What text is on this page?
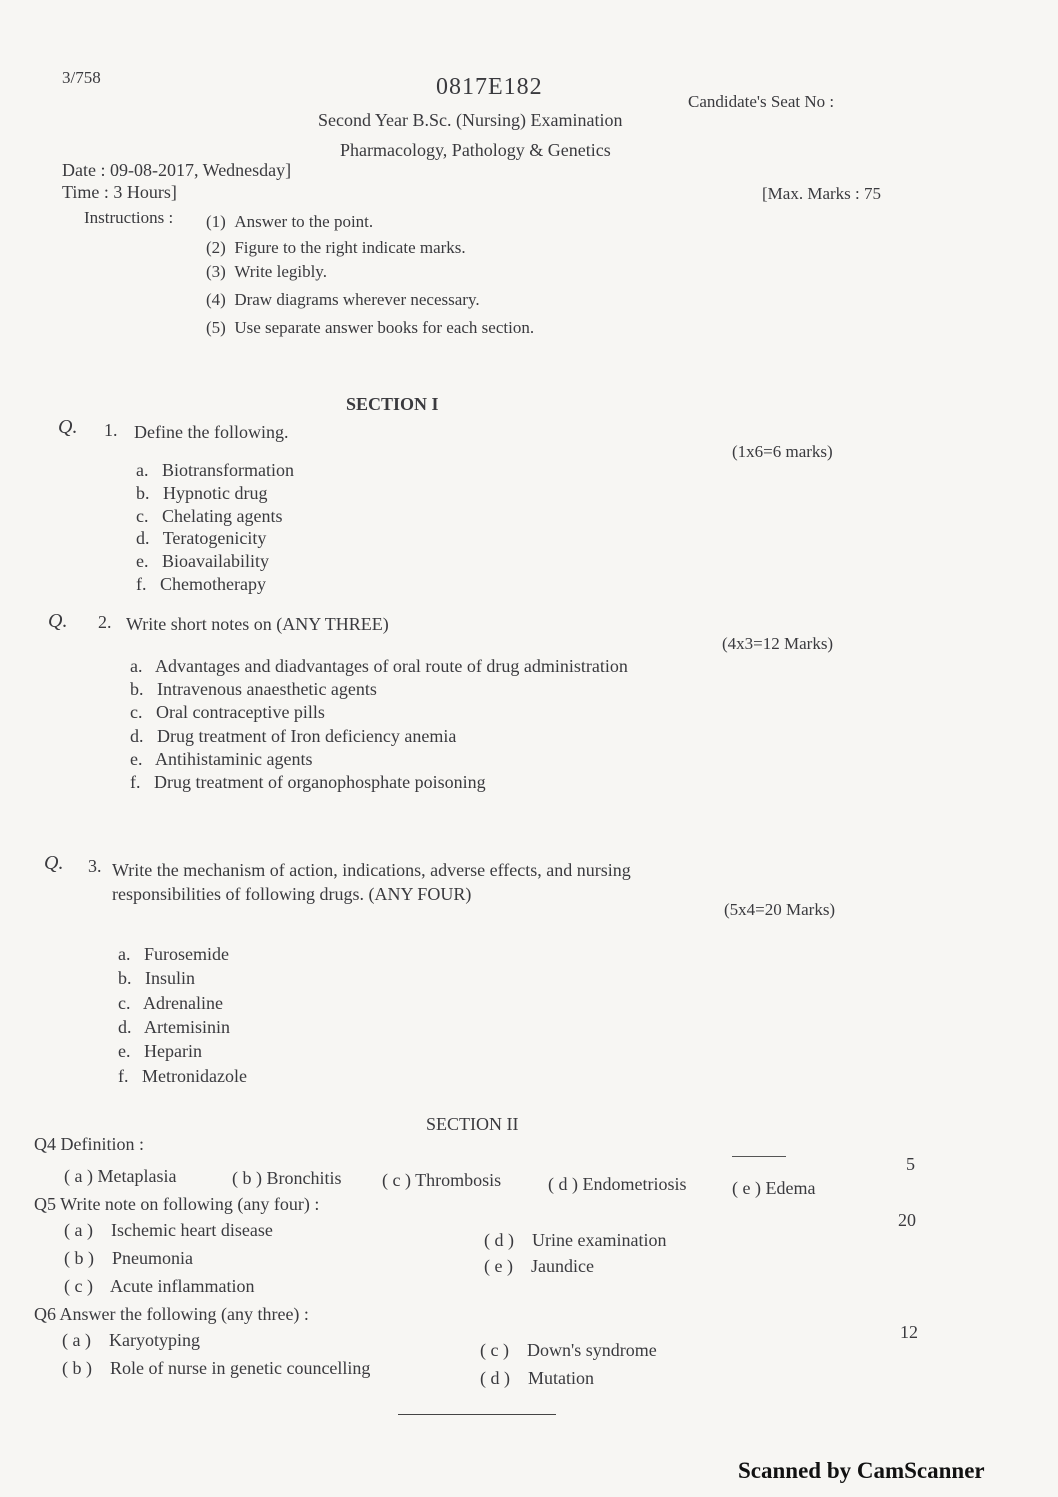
3/758	0817E182
Candidate's Seat No :
Second Year B.Sc. (Nursing) Examination
Pharmacology, Pathology & Genetics
Date : 09-08-2017, Wednesday]
Time : 3 Hours]	[Max. Marks : 75
Instructions : (1) Answer to the point.
(2) Figure to the right indicate marks.
(3) Write legibly.
(4) Draw diagrams wherever necessary.
(5) Use separate answer books for each section.
SECTION I
Q. 1. Define the following.
(1x6=6 marks)
a. Biotransformation
b. Hypnotic drug
c. Chelating agents
d. Teratogenicity
e. Bioavailability
f. Chemotherapy
Q. 2. Write short notes on (ANY THREE)
(4x3=12 Marks)
a. Advantages and diadvantages of oral route of drug administration
b. Intravenous anaesthetic agents
c. Oral contraceptive pills
d. Drug treatment of Iron deficiency anemia
e. Antihistaminic agents
f. Drug treatment of organophosphate poisoning
Q. 3. Write the mechanism of action, indications, adverse effects, and nursing
responsibilities of following drugs. (ANY FOUR)
(5x4=20 Marks)
a. Furosemide
b. Insulin
c. Adrenaline
d. Artemisinin
e. Heparin
f. Metronidazole
SECTION II
Q4 Definition :
5
( a ) Metaplasia	( b ) Bronchitis ( c ) Thrombosis	( d ) Endometriosis	( e ) Edema
Q5 Write note on following (any four) :
20
( a ) Ischemic heart disease
( b ) Pneumonia
( c ) Acute inflammation
( d ) Urine examination
( e ) Jaundice
Q6 Answer the following (any three) :
12
( a ) Karyotyping
( b ) Role of nurse in genetic councelling
( c ) Down's syndrome
( d ) Mutation
Scanned by CamScanner
